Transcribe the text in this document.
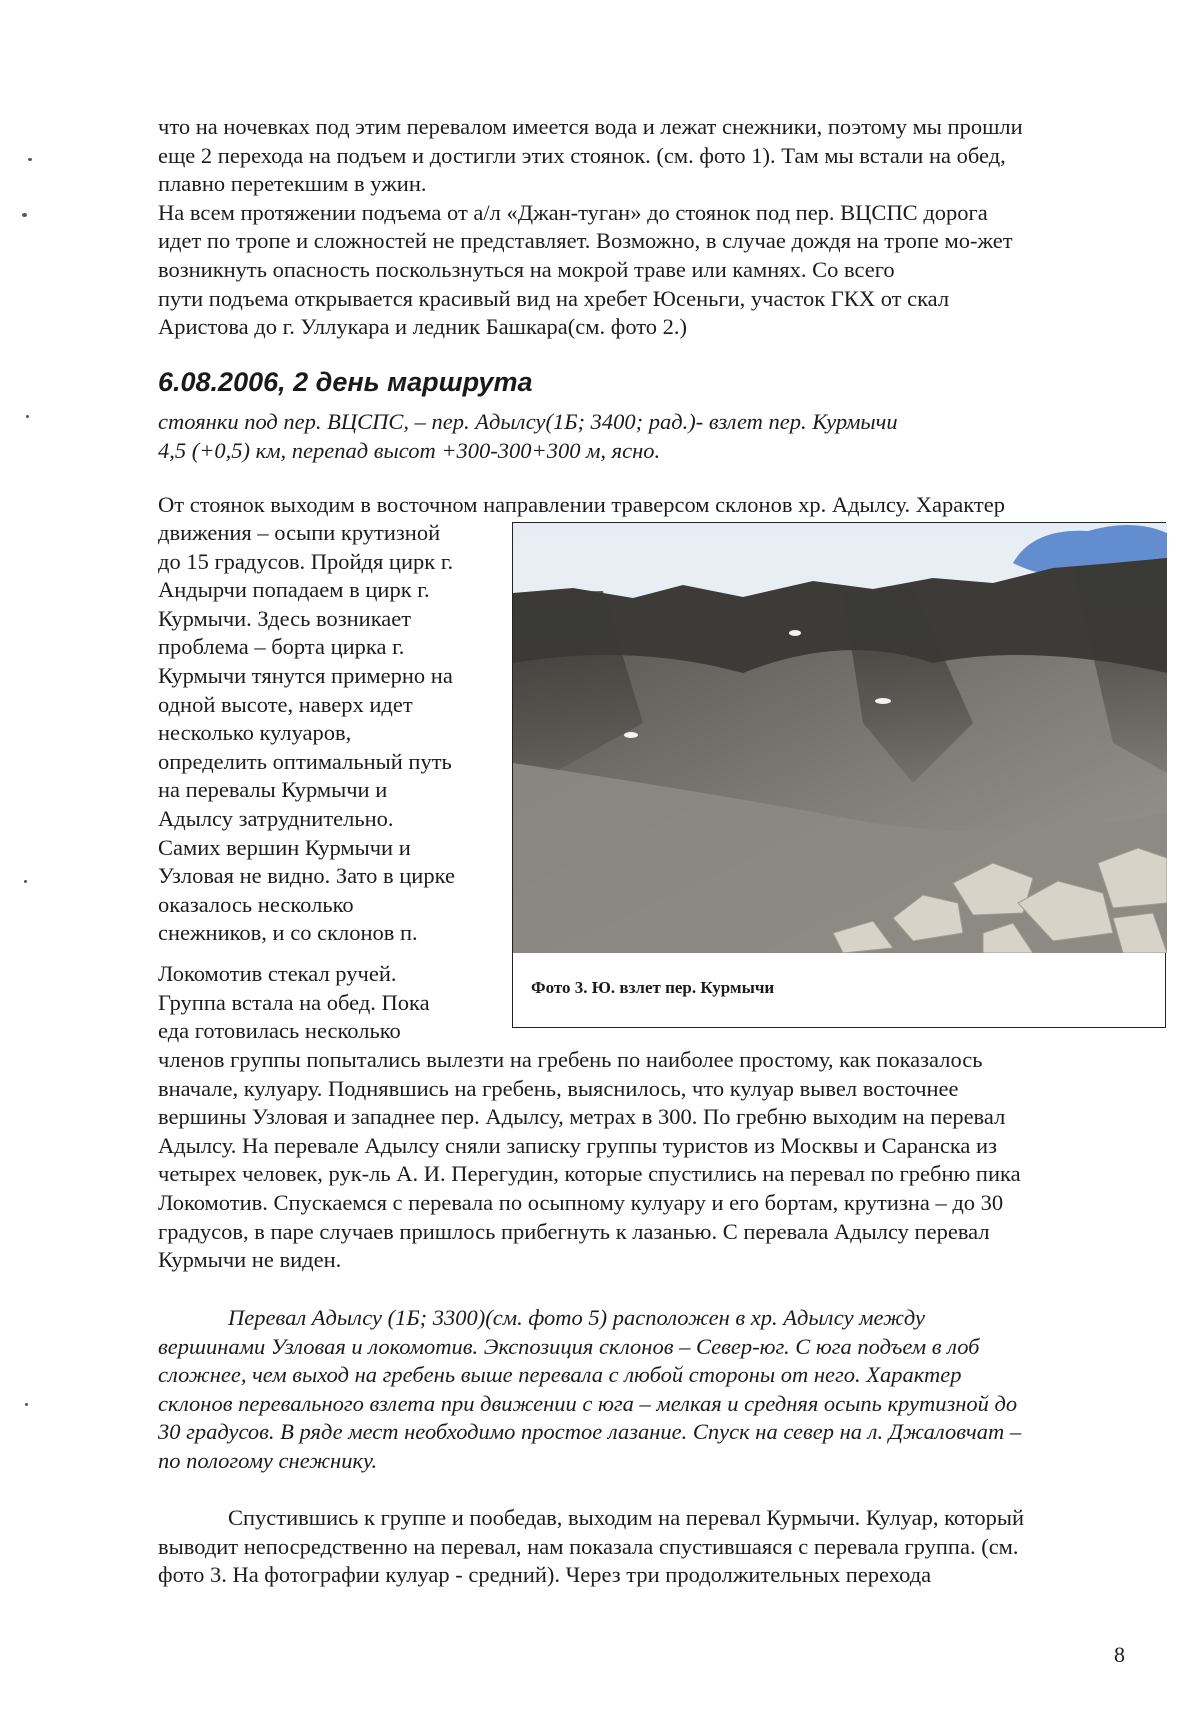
что на ночевках под этим перевалом имеется вода и лежат снежники, поэтому мы прошли
еще 2 перехода на подъем и достигли этих стоянок. (см. фото 1). Там мы встали на обед,
плавно перетекшим в ужин.
На всем протяжении подъема от а/л «Джан-туган» до стоянок под пер. ВЦСПС дорога
идет по тропе и сложностей не представляет. Возможно, в случае дождя на тропе мо-жет
возникнуть опасность поскользнуться на мокрой траве или камнях. Со всего
пути подъема открывается красивый вид на хребет Юсеньги, участок ГКХ от скал
Аристова до г. Уллукара и ледник Башкара(см. фото 2.)
6.08.2006, 2 день маршрута
стоянки под пер. ВЦСПС, – пер. Адылсу(1Б; 3400; рад.)- взлет пер. Курмычи
4,5 (+0,5) км, перепад высот +300-300+300 м, ясно.
От стоянок выходим в восточном направлении траверсом склонов хр. Адылсу. Характер
движения – осыпи крутизной
до 15 градусов. Пройдя цирк г.
Андырчи попадаем в цирк г.
Курмычи. Здесь возникает
проблема – борта цирка г.
Курмычи тянутся примерно на
одной высоте, наверх идет
несколько кулуаров,
определить оптимальный путь
на перевалы Курмычи и
Адылсу затруднительно.
Самих вершин Курмычи и
Узловая не видно. Зато в цирке
оказалось несколько
снежников, и со склонов п.
Локомотив стекал ручей.
Группа встала на обед. Пока
еда готовилась несколько
членов группы попытались вылезти на гребень по наиболее простому, как показалось
вначале, кулуару. Поднявшись на гребень, выяснилось, что кулуар вывел восточнее
вершины Узловая и западнее пер. Адылсу, метрах в 300. По гребню выходим на перевал
Адылсу. На перевале Адылсу сняли записку группы туристов из Москвы и Саранска из
четырех человек, рук-ль А. И. Перегудин, которые спустились на перевал по гребню пика
Локомотив. Спускаемся с перевала по осыпному кулуару и его бортам, крутизна – до 30
градусов, в паре случаев пришлось прибегнуть к лазанью. С перевала Адылсу перевал
Курмычи не виден.
Перевал Адылсу (1Б; 3300)(см. фото 5) расположен в хр. Адылсу между
вершинами Узловая и локомотив. Экспозиция склонов – Север-юг. С юга подъем в лоб
сложнее, чем выход на гребень выше перевала с любой стороны от него. Характер
склонов перевального взлета при движении с юга – мелкая и средняя осыпь крутизной до
30 градусов. В ряде мест необходимо простое лазание. Спуск на север на л. Джаловчат –
по пологому снежнику.
Спустившись к группе и пообедав, выходим на перевал Курмычи. Кулуар, который
выводит непосредственно на перевал, нам показала спустившаяся с перевала группа. (см.
фото 3. На фотографии кулуар - средний). Через три продолжительных перехода
Фото 3. Ю. взлет пер. Курмычи
8
